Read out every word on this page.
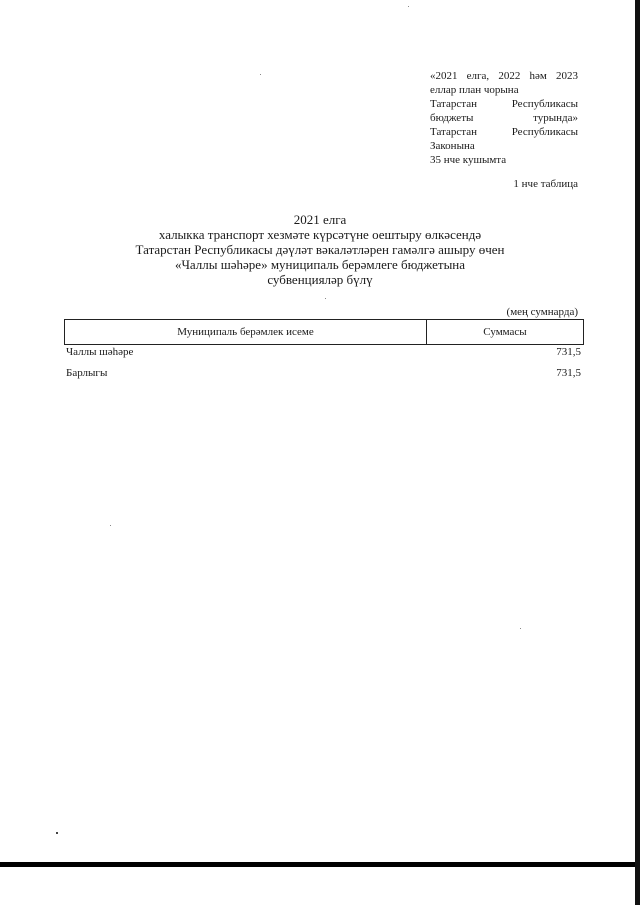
«2021 елга, 2022 һәм 2023
еллар план чорына
Татарстан Республикасы
бюджеты турында»
Татарстан Республикасы
Законына
35 нче кушымта
1 нче таблица
2021 елга
халыкка транспорт хезмәте күрсәтүне оештыру өлкәсендә
Татарстан Республикасы дәүләт вәкаләтләрен гамәлгә ашыру өчен
«Чаллы шәһәре» муниципаль берәмлеге бюджетына
субвенцияләр бүлү
(мең сумнарда)
Муниципаль берәмлек исеме	Суммасы
Чаллы шәһәре	731,5
Барлыгы	731,5
